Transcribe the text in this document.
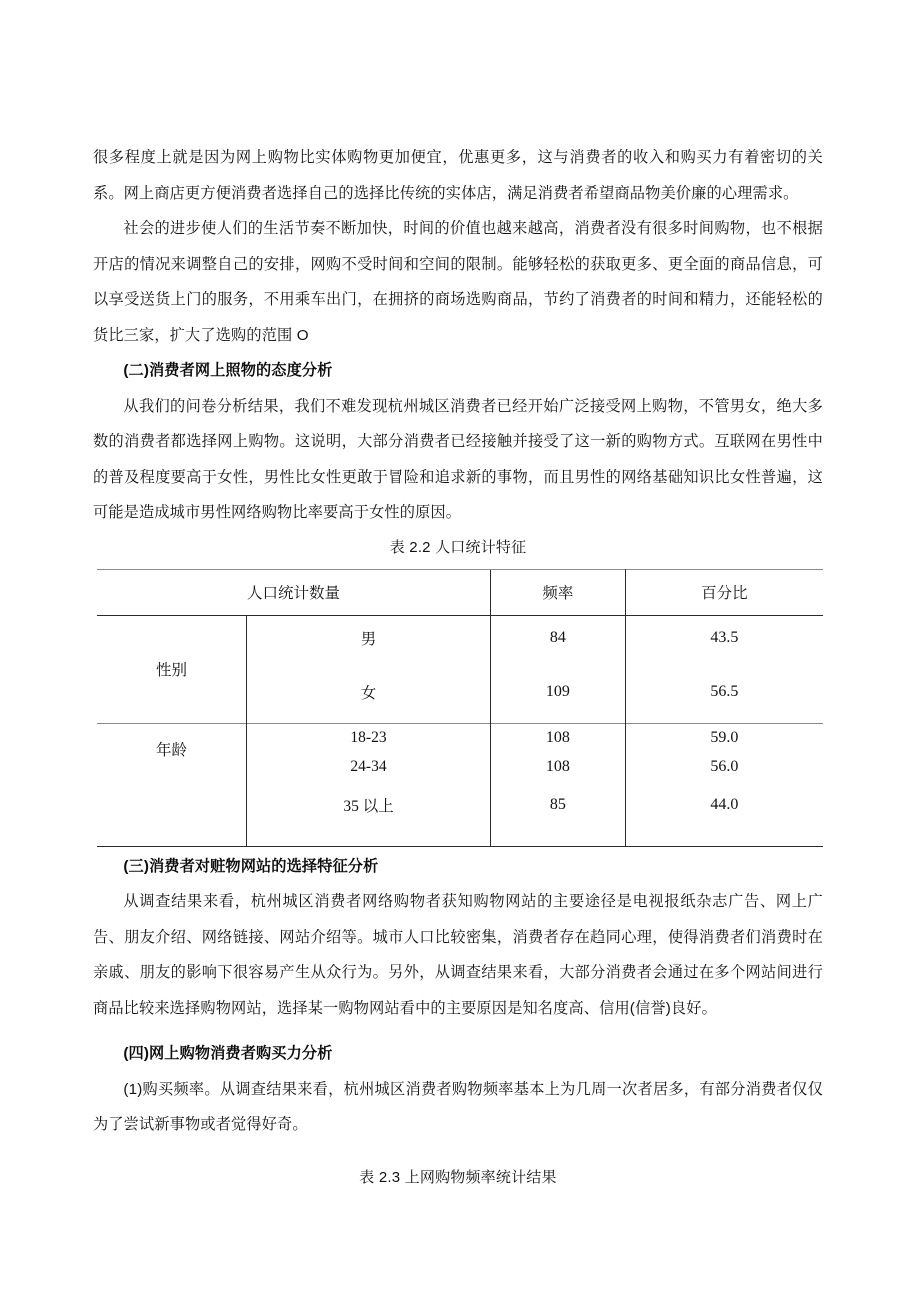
很多程度上就是因为网上购物比实体购物更加便宜，优惠更多，这与消费者的收入和购买力有着密切的关系。网上商店更方便消费者选择自己的选择比传统的实体店，满足消费者希望商品物美价廉的心理需求。

社会的进步使人们的生活节奏不断加快，时间的价值也越来越高，消费者没有很多时间购物，也不根据开店的情况来调整自己的安排，网购不受时间和空间的限制。能够轻松的获取更多、更全面的商品信息，可以享受送货上门的服务，不用乘车出门，在拥挤的商场选购商品，节约了消费者的时间和精力，还能轻松的货比三家，扩大了选购的范围 O

(二)消费者网上照物的态度分析

从我们的问卷分析结果，我们不难发现杭州城区消费者已经开始广泛接受网上购物，不管男女，绝大多数的消费者都选择网上购物。这说明，大部分消费者已经接触并接受了这一新的购物方式。互联网在男性中的普及程度要高于女性，男性比女性更敢于冒险和追求新的事物，而且男性的网络基础知识比女性普遍，这可能是造成城市男性网络购物比率要高于女性的原因。

表 2.2 人口统计特征

人口统计数量		频率	百分比
性别	男	84	43.5
	女	109	56.5
年龄	18-23	108	59.0
	24-34	108	56.0
	35 以上	85	44.0

(三)消费者对赃物网站的选择特征分析

从调查结果来看，杭州城区消费者网络购物者获知购物网站的主要途径是电视报纸杂志广告、网上广告、朋友介绍、网络链接、网站介绍等。城市人口比较密集，消费者存在趋同心理，使得消费者们消费时在亲戚、朋友的影响下很容易产生从众行为。另外，从调查结果来看，大部分消费者会通过在多个网站间进行商品比较来选择购物网站，选择某一购物网站看中的主要原因是知名度高、信用(信誉)良好。

(四)网上购物消费者购买力分析

(1)购买频率。从调查结果来看，杭州城区消费者购物频率基本上为几周一次者居多，有部分消费者仅仅为了尝试新事物或者觉得好奇。

表 2.3 上网购物频率统计结果
